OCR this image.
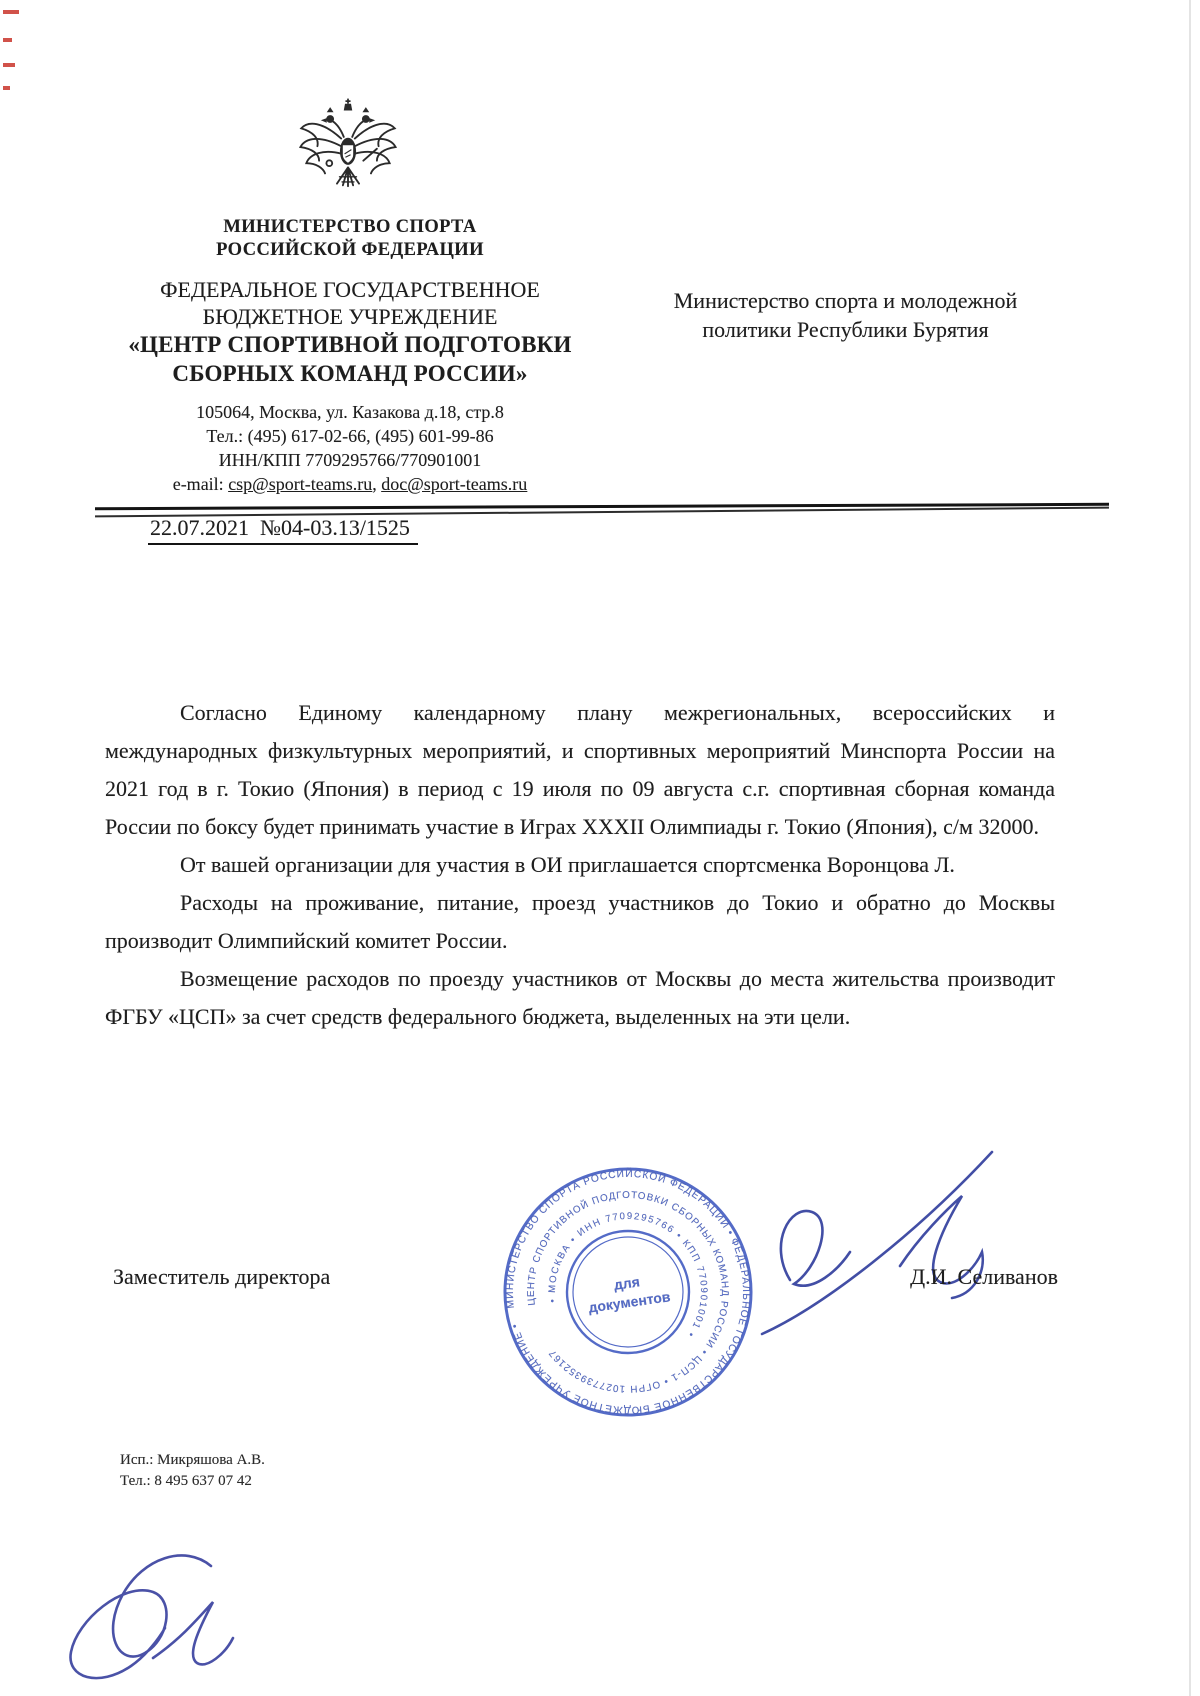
МИНИСТЕРСТВО СПОРТА
РОССИЙСКОЙ ФЕДЕРАЦИИ
ФЕДЕРАЛЬНОЕ ГОСУДАРСТВЕННОЕ
БЮДЖЕТНОЕ УЧРЕЖДЕНИЕ
«ЦЕНТР СПОРТИВНОЙ ПОДГОТОВКИ
СБОРНЫХ КОМАНД РОССИИ»
105064, Москва, ул. Казакова д.18, стр.8
Тел.: (495) 617-02-66, (495) 601-99-86
ИНН/КПП 7709295766/770901001
e-mail: csp@sport-teams.ru, doc@sport-teams.ru
Министерство спорта и молодежной
политики Республики Бурятия
22.07.2021  №04-03.13/1525

Согласно Единому календарному плану межрегиональных, всероссийских и международных физкультурных мероприятий, и спортивных мероприятий Минспорта России на 2021 год в г. Токио (Япония) в период с 19 июля по 09 августа с.г. спортивная сборная команда России по боксу будет принимать участие в Играх XXXII Олимпиады г. Токио (Япония), с/м 32000.

От вашей организации для участия в ОИ приглашается спортсменка Воронцова Л.

Расходы на проживание, питание, проезд участников до Токио и обратно до Москвы производит Олимпийский комитет России.

Возмещение расходов по проезду участников от Москвы до места жительства производит ФГБУ «ЦСП» за счет средств федерального бюджета, выделенных на эти цели.

МИНИСТЕРСТВО СПОРТА РОССИЙСКОЙ ФЕДЕРАЦИИ • ФЕДЕРАЛЬНОЕ ГОСУДАРСТВЕННОЕ БЮДЖЕТНОЕ УЧРЕЖДЕНИЕ •
ЦЕНТР СПОРТИВНОЙ ПОДГОТОВКИ СБОРНЫХ КОМАНД РОССИИ • ЦСП-1 • ОГРН 1027739352167
• МОСКВА • ИНН 7709295766 • КПП 770901001 •
для
документов
Заместитель директора	Д.И. Селиванов
Исп.: Микряшова А.В.
Тел.: 8 495 637 07 42
